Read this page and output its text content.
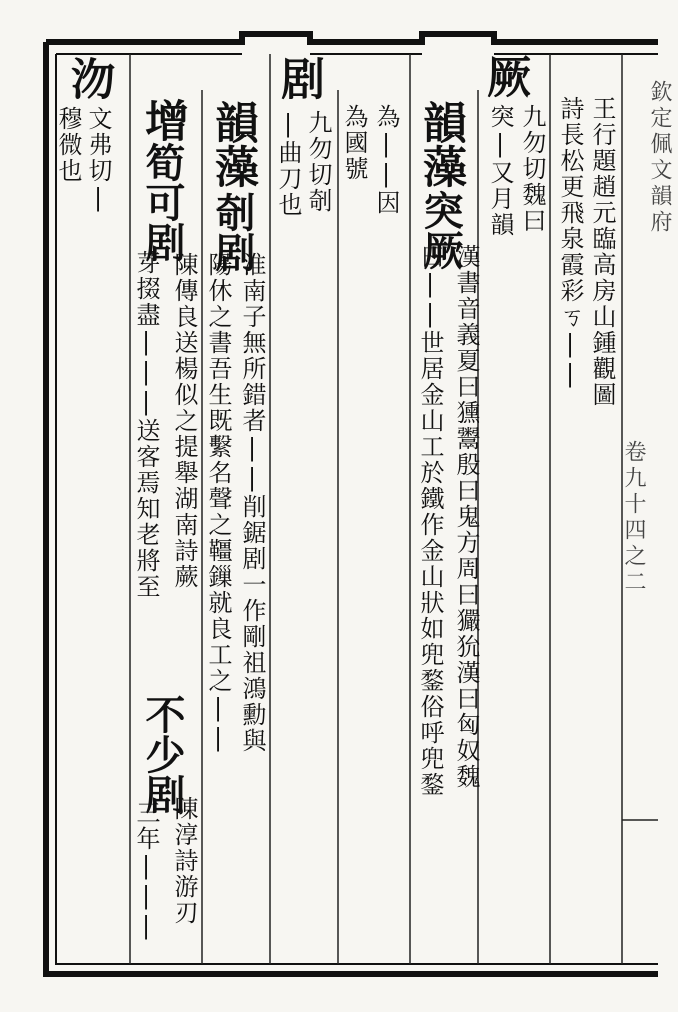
欽定佩文韻府
卷九十四之二
王行題趙元臨高房山鍾觀圖
詩長松更飛泉霞彩ㄎ||
厥
九勿切魏曰
突|又月韻
韻藻
突厥
漢書音義夏曰獯鬻殷曰鬼方周曰玁狁漢曰匈奴魏
曰||世居金山工於鐵作金山狀如兜鍪俗呼兜鍪
為||因
為國號
剧
九勿切剞
|曲刀也
韻藻
剞剧
淮南子無所錯者||削鋸剧一作剛祖鴻勳與
陽休之書吾生既繫名聲之韁鏁就良工之||
增
筍可剧
陳傳良送楊似之提舉湖南詩蕨
不少剧
陳淳詩游刃
芽掇盡|||送客焉知老將至
三年|||
沕
文弗切|
穆微也
